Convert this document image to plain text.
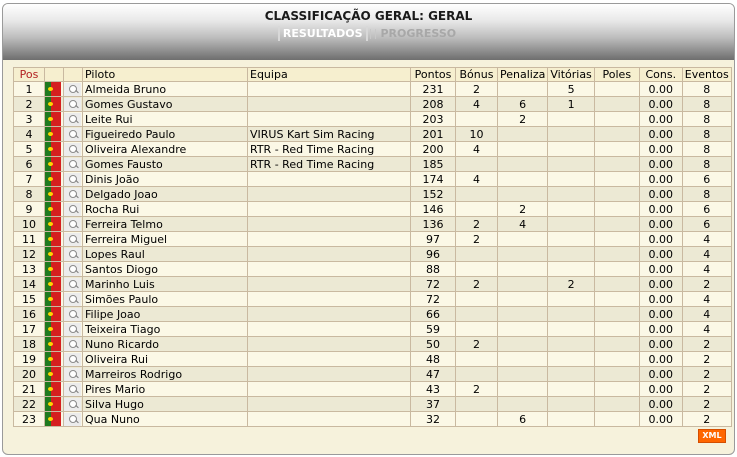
CLASSIFICAÇÃO GERAL: GERAL
RESULTADOS PROGRESSO
Pos			Piloto	Equipa	Pontos	Bónus	Penaliza	Vitórias	Poles	Cons.	Eventos
1			Almeida Bruno		231	2		5		0.00	8
2			Gomes Gustavo		208	4	6	1		0.00	8
3			Leite Rui		203		2			0.00	8
4			Figueiredo Paulo	VIRUS Kart Sim Racing	201	10				0.00	8
5			Oliveira Alexandre	RTR - Red Time Racing	200	4				0.00	8
6			Gomes Fausto	RTR - Red Time Racing	185					0.00	8
7			Dinis João		174	4				0.00	6
8			Delgado Joao		152					0.00	8
9			Rocha Rui		146		2			0.00	6
10			Ferreira Telmo		136	2	4			0.00	6
11			Ferreira Miguel		97	2				0.00	4
12			Lopes Raul		96					0.00	4
13			Santos Diogo		88					0.00	4
14			Marinho Luis		72	2		2		0.00	2
15			Simões Paulo		72					0.00	4
16			Filipe Joao		66					0.00	4
17			Teixeira Tiago		59					0.00	4
18			Nuno Ricardo		50	2				0.00	2
19			Oliveira Rui		48					0.00	2
20			Marreiros Rodrigo		47					0.00	2
21			Pires Mario		43	2				0.00	2
22			Silva Hugo		37					0.00	2
23			Qua Nuno		32		6			0.00	2
XML
